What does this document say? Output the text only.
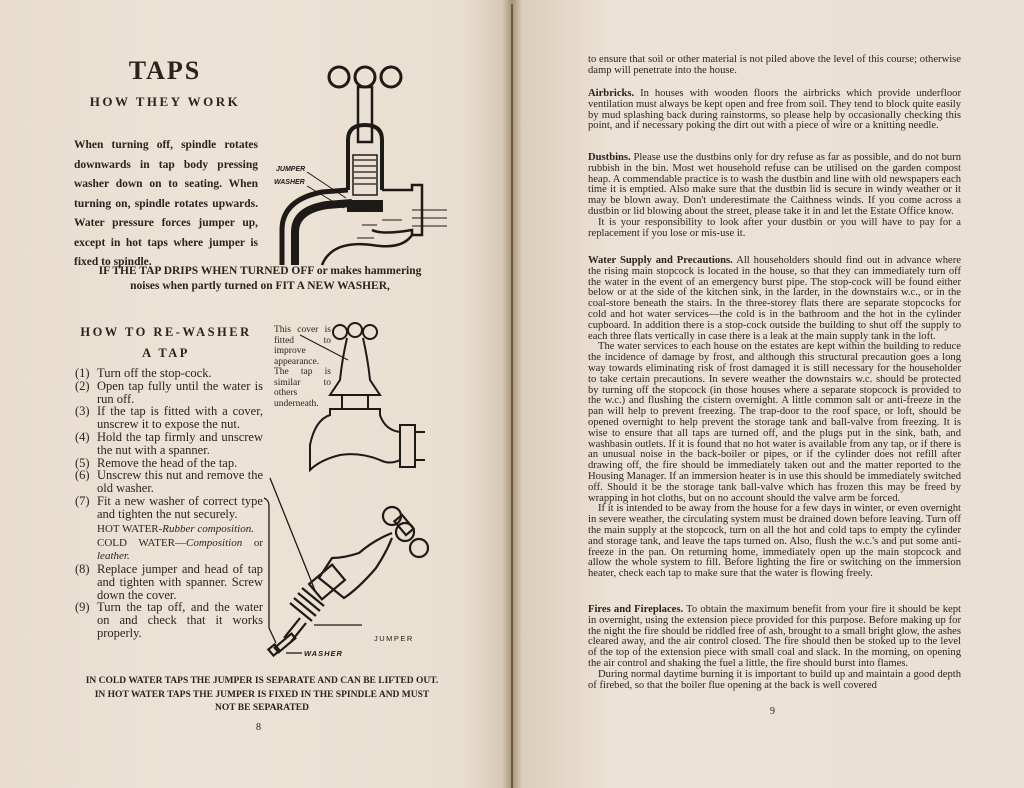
TAPS
HOW THEY WORK
When turning off, spindle rotates downwards in tap body pressing washer down on to seating. When turning on, spindle rotates upwards. Water pressure forces jumper up, except in hot taps where jumper is fixed to spindle.
JUMPER
WASHER
IF THE TAP DRIPS WHEN TURNED OFF or makes hammering
noises when partly turned on FIT A NEW WASHER,
HOW TO RE-WASHER
A TAP
This cover is fitted to improve appearance. The tap is similar to others underneath.
(1) Turn off the stop-cock.
(2) Open tap fully until the water is run off.
(3) If the tap is fitted with a cover, unscrew it to expose the nut.
(4) Hold the tap firmly and unscrew the nut with a spanner.
(5) Remove the head of the tap.
(6) Unscrew this nut and remove the old washer.
(7) Fit a new washer of correct type and tighten the nut securely.
HOT WATER-Rubber composition.
COLD WATER—Composition or leather.
(8) Replace jumper and head of tap and tighten with spanner. Screw down the cover.
(9) Turn the tap off, and the water on and check that it works properly.	JUMPER
WASHER
IN COLD WATER TAPS THE JUMPER IS SEPARATE AND CAN BE LIFTED OUT.
IN HOT WATER TAPS THE JUMPER IS FIXED IN THE SPINDLE AND MUST
NOT BE SEPARATED
8

to ensure that soil or other material is not piled above the level of this course; otherwise damp will penetrate into the house.

Airbricks. In houses with wooden floors the airbricks which provide underfloor ventilation must always be kept open and free from soil. They tend to block quite easily by mud splashing back during rainstorms, so please help by occasionally checking this point, and if necessary poking the dirt out with a piece of wire or a knitting needle.

Dustbins. Please use the dustbins only for dry refuse as far as possible, and do not burn rubbish in the bin. Most wet household refuse can be utilised on the garden compost heap. A commendable practice is to wash the dustbin and line with old newspapers each time it is emptied. Also make sure that the dustbin lid is secure in windy weather or it may be blown away. Don't underestimate the Caithness winds. If you come across a dustbin or lid blowing about the street, please take it in and let the Estate Office know.

It is your responsibility to look after your dustbin or you will have to pay for a replacement if you lose or mis-use it.

Water Supply and Precautions. All householders should find out in advance where the rising main stopcock is located in the house, so that they can immediately turn off the water in the event of an emergency burst pipe. The stop-cock will be found either below or at the side of the kitchen sink, in the larder, in the downstairs w.c., or in the coal-store beneath the stairs. In the three-storey flats there are separate stopcocks for cold and hot water services—the cold is in the bathroom and the hot in the cylinder cupboard. In addition there is a stop-cock outside the building to shut off the supply to each three flats vertically in case there is a leak at the main supply tank in the loft.

The water services to each house on the estates are kept within the building to reduce the incidence of damage by frost, and although this structural precaution goes a long way towards eliminating risk of frost damaged it is still necessary for the householder to take certain precautions. In severe weather the downstairs w.c. should be protected by turning off the stopcock (in those houses where a separate stopcock is provided to the w.c.) and flushing the cistern overnight. A little common salt or anti-freeze in the pan will help to prevent freezing. The trap-door to the roof space, or loft, should be opened overnight to help prevent the storage tank and ball-valve from freezing. It is wise to ensure that all taps are turned off, and the plugs put in the sink, bath, and washbasin outlets. If it is found that no hot water is available from any tap, or if there is an unusual noise in the back-boiler or pipes, or if the cylinder does not refill after drawing off, the fire should be immediately taken out and the matter reported to the Housing Manager. If an immersion heater is in use this should be immediately switched off. Should it be the storage tank ball-valve which has frozen this may be freed by wrapping in hot cloths, but on no account should the valve arm be forced.

If it is intended to be away from the house for a few days in winter, or even overnight in severe weather, the circulating system must be drained down before leaving. Turn off the main supply at the stopcock, turn on all the hot and cold taps to empty the cylinder and storage tank, and leave the taps turned on. Also, flush the w.c.'s and put some anti-freeze in the pan. On returning home, immediately open up the main stopcock and allow the whole system to fill. Before lighting the fire or switching on the immersion heater, check each tap to make sure that the water is flowing freely.

Fires and Fireplaces. To obtain the maximum benefit from your fire it should be kept in overnight, using the extension piece provided for this purpose. Before making up for the night the fire should be riddled free of ash, brought to a small bright glow, the ashes cleared away, and the air control closed. The fire should then be stoked up to the level of the top of the extension piece with small coal and slack. In the morning, on opening the air control and shaking the fuel a little, the fire should burst into flames.

During normal daytime burning it is important to build up and maintain a good depth of firebed, so that the boiler flue opening at the back is well covered

9
